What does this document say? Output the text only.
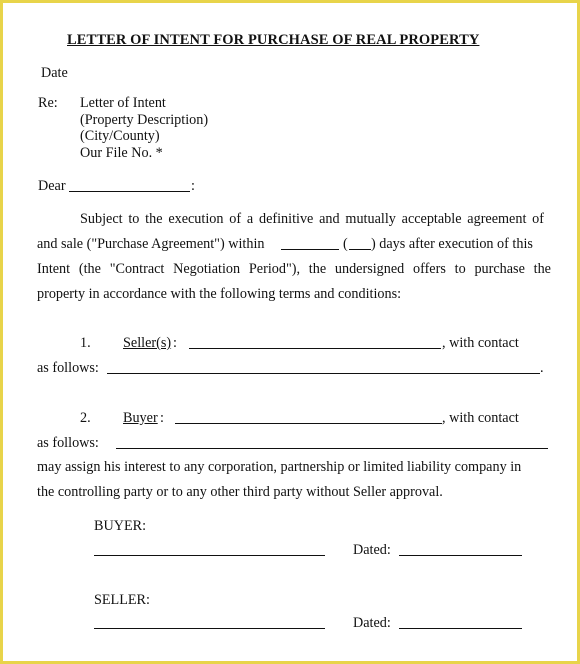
LETTER OF INTENT FOR PURCHASE OF REAL PROPERTY
Date
Re: Letter of Intent
(Property Description)
(City/County)
Our File No. *
Dear	:
Subject to the execution of a definitive and mutually acceptable agreement of
and sale ("Purchase Agreement") within	( ) days after execution of this
Intent (the "Contract Negotiation Period"), the undersigned offers to purchase the
property in accordance with the following terms and conditions:
1. Seller(s) :	, with contact
as follows:	.
2. Buyer :	, with contact
as follows:
may assign his interest to any corporation, partnership or limited liability company in
the controlling party or to any other third party without Seller approval.
BUYER:
Dated:
SELLER:
Dated:
